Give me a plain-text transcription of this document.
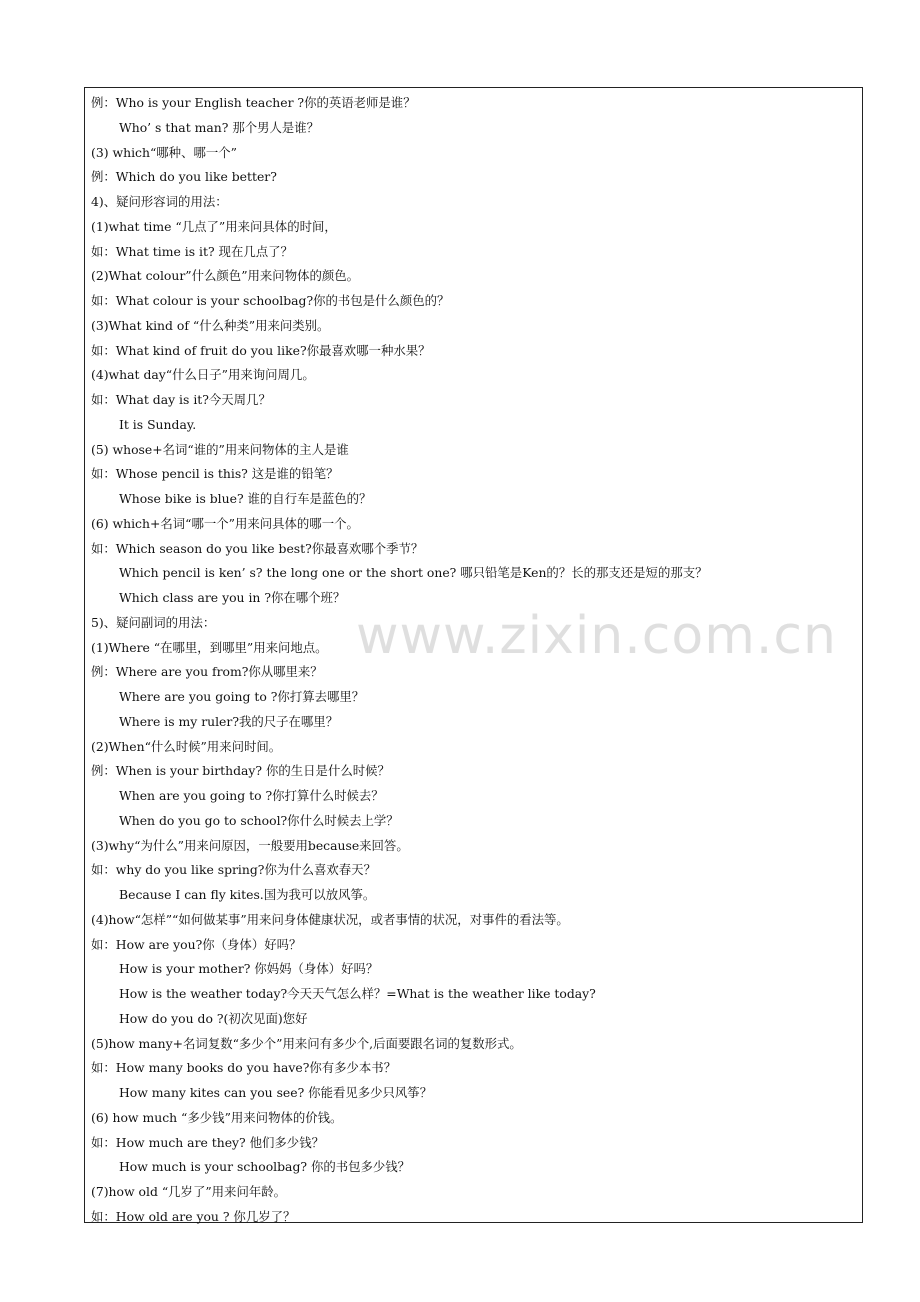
例：Who is your English teacher ?你的英语老师是谁？
Who’ s that man? 那个男人是谁？
(3) which“哪种、哪一个”
例：Which do you like better?
4)、疑问形容词的用法：
(1)what time “几点了”用来问具体的时间，
如：What time is it? 现在几点了？
(2)What colour”什么颜色”用来问物体的颜色。
如：What colour is your schoolbag?你的书包是什么颜色的？
(3)What kind of “什么种类”用来问类别。
如：What kind of fruit do you like?你最喜欢哪一种水果？
(4)what day“什么日子”用来询问周几。
如：What day is it?今天周几？
It is Sunday.
(5) whose+名词“谁的”用来问物体的主人是谁
如：Whose pencil is this? 这是谁的铅笔？
Whose bike is blue? 谁的自行车是蓝色的？
(6) which+名词“哪一个”用来问具体的哪一个。
如：Which season do you like best?你最喜欢哪个季节？
Which pencil is ken’ s? the long one or the short one? 哪只铅笔是Ken的？长的那支还是短的那支？
Which class are you in ?你在哪个班？
5)、疑问副词的用法：
(1)Where “在哪里，到哪里”用来问地点。
例：Where are you from?你从哪里来？
Where are you going to ?你打算去哪里？
Where is my ruler?我的尺子在哪里？
(2)When“什么时候”用来问时间。
例：When is your birthday? 你的生日是什么时候？
When are you going to ?你打算什么时候去？
When do you go to school?你什么时候去上学？
(3)why“为什么”用来问原因，一般要用because来回答。
如：why do you like spring?你为什么喜欢春天？
Because I can fly kites.国为我可以放风筝。
(4)how“怎样”“如何做某事”用来问身体健康状况，或者事情的状况，对事件的看法等。
如：How are you?你（身体）好吗？
How is your mother? 你妈妈（身体）好吗？
How is the weather today?今天天气怎么样？=What is the weather like today?
How do you do ?(初次见面)您好
(5)how many+名词复数“多少个”用来问有多少个,后面要跟名词的复数形式。
如：How many books do you have?你有多少本书？
How many kites can you see? 你能看见多少只风筝？
(6) how much “多少钱”用来问物体的价钱。
如：How much are they? 他们多少钱？
How much is your schoolbag? 你的书包多少钱？
(7)how old “几岁了”用来问年龄。
如：How old are you ? 你几岁了？
www.zixin.com.cn
